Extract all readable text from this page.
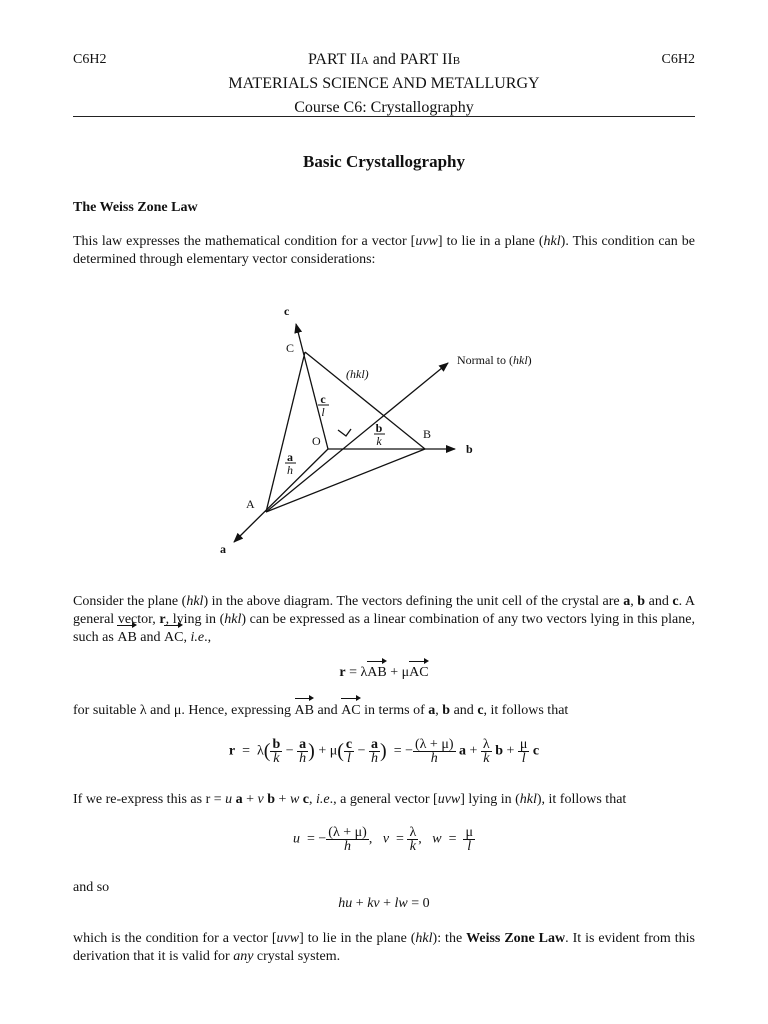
C6H2	C6H2
PART IIA and PART IIB
MATERIALS SCIENCE AND METALLURGY
Course C6: Crystallography
Basic Crystallography
The Weiss Zone Law
This law expresses the mathematical condition for a vector [uvw] to lie in a plane (hkl). This condition can be determined through elementary vector considerations:
c
C
(hkl)
Normal to (hkl)
O	B
b
A
a
c
l
b
k
a
h
Consider the plane (hkl) in the above diagram. The vectors defining the unit cell of the crystal are a, b and c. A general vector, r, lying in (hkl) can be expressed as a linear combination of any two vectors lying in this plane, such as AB
and AC
, i.e.,
r = λAB
+ μAC
for suitable λ and μ. Hence, expressing AB
and AC
in terms of a, b and c, it follows that
$r = \lambda( \frac{b}{k} - \frac{a}{h}$ ) + $\mu( \frac{c}{l} - \frac{a}{h}$ )  = − $\frac{(\lambda + \mu)}{h}$ $a + \frac{\lambda}{k}$ $b + \frac{\mu}{l}$ c
If we re-express this as r = u a + v b + w c, i.e., a general vector [uvw] lying in (hkl), it follows that
u  = − $\frac{(\lambda + \mu)}{h}$ ,   $v = \frac{\lambda}{k}$ ,   $w = \frac{\mu}{l}$
and so
hu + kv + lw = 0
which is the condition for a vector [uvw] to lie in the plane (hkl): the Weiss Zone Law. It is evident from this derivation that it is valid for any crystal system.
